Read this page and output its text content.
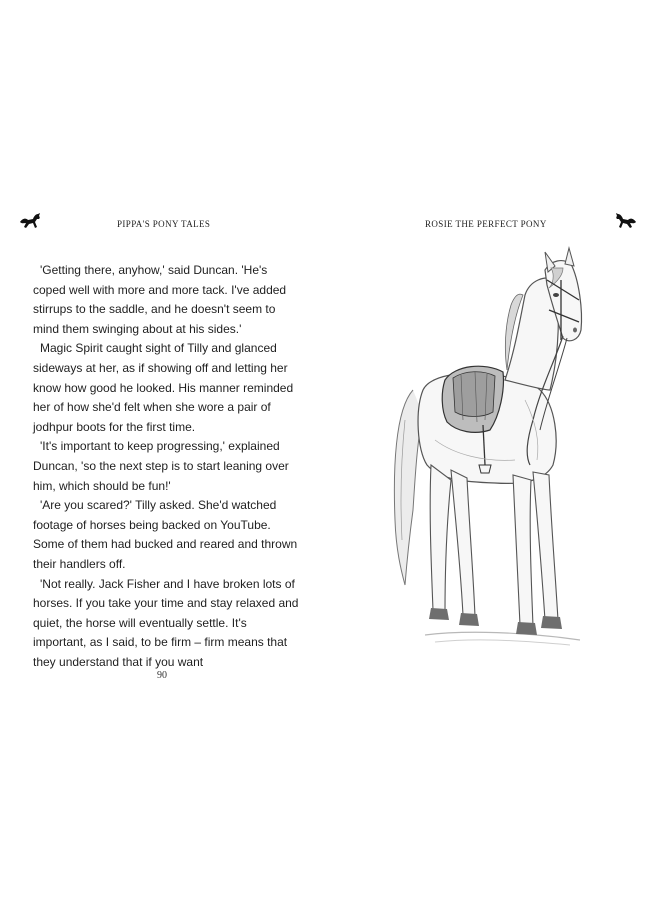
PIPPA'S PONY TALES

'Getting there, anyhow,' said Duncan. 'He's coped well with more and more tack. I've added stirrups to the saddle, and he doesn't seem to mind them swinging about at his sides.'

Magic Spirit caught sight of Tilly and glanced sideways at her, as if showing off and letting her know how good he looked. His manner reminded her of how she'd felt when she wore a pair of jodhpur boots for the first time.

'It's important to keep progressing,' explained Duncan, 'so the next step is to start leaning over him, which should be fun!'

'Are you scared?' Tilly asked. She'd watched footage of horses being backed on YouTube. Some of them had bucked and reared and thrown their handlers off.

'Not really. Jack Fisher and I have broken lots of horses. If you take your time and stay relaxed and quiet, the horse will eventually settle. It's important, as I said, to be firm – firm means that they understand that if you want

90
ROSIE THE PERFECT PONY
